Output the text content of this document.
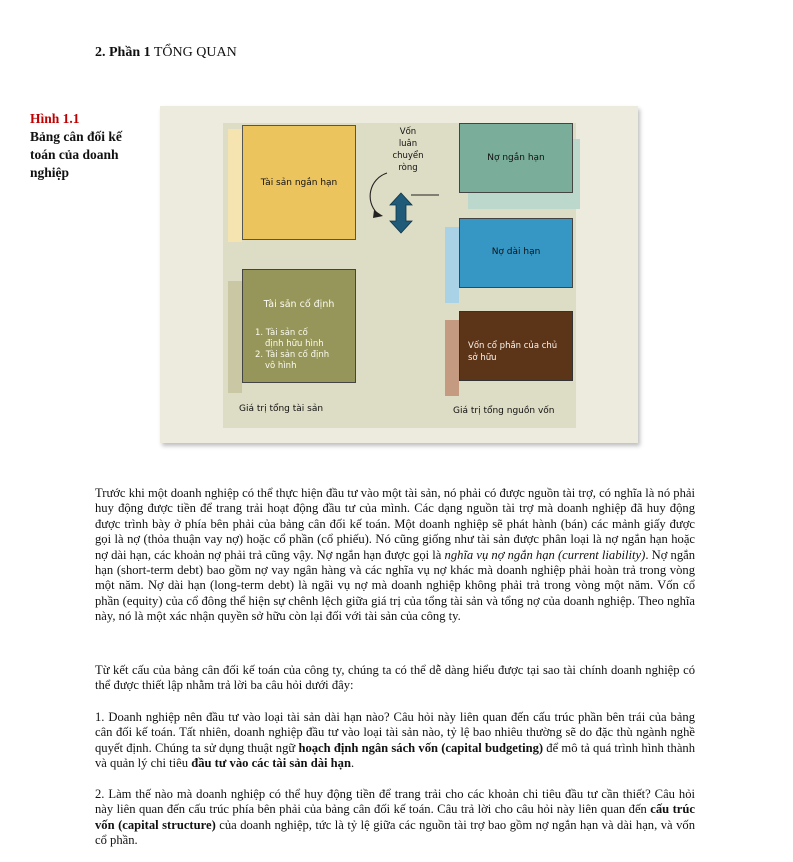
2. Phần 1 TỔNG QUAN
Hình 1.1
Bảng cân đối kế toán của doanh nghiệp
Tài sản ngắn hạn
Vốn
luân
chuyển
ròng
Nợ ngắn hạn
Nợ dài hạn
Tài sản cố định
1. Tài sản cố
định hữu hình
2. Tài sản cố định
vô hình
Vốn cổ phần của chủ
sở hữu
Giá trị tổng tài sản	Giá trị tổng nguồn vốn

Trước khi một doanh nghiệp có thể thực hiện đầu tư vào một tài sản, nó phải có được nguồn tài trợ, có nghĩa là nó phải huy động được tiền để trang trải hoạt động đầu tư của mình. Các dạng nguồn tài trợ mà doanh nghiệp đã huy động được trình bày ở phía bên phải của bảng cân đối kế toán. Một doanh nghiệp sẽ phát hành (bán) các mảnh giấy được gọi là nợ (thỏa thuận vay nợ) hoặc cổ phần (cổ phiếu). Nó cũng giống như tài sản được phân loại là nợ ngắn hạn hoặc nợ dài hạn, các khoản nợ phải trả cũng vậy. Nợ ngắn hạn được gọi là nghĩa vụ nợ ngắn hạn (current liability). Nợ ngắn hạn (short-term debt) bao gồm nợ vay ngân hàng và các nghĩa vụ nợ khác mà doanh nghiệp phải hoàn trả trong vòng một năm. Nợ dài hạn (long-term debt) là ngãi vụ nợ mà doanh nghiệp không phải trả trong vòng một năm. Vốn cổ phần (equity) của cổ đông thể hiện sự chênh lệch giữa giá trị của tổng tài sản và tổng nợ của doanh nghiệp. Theo nghĩa này, nó là một xác nhận quyền sở hữu còn lại đối với tài sản của công ty.

Từ kết cấu của bảng cân đối kế toán của công ty, chúng ta có thể dễ dàng hiểu được tại sao tài chính doanh nghiệp có thể được thiết lập nhằm trả lời ba câu hỏi dưới đây:

1. Doanh nghiệp nên đầu tư vào loại tài sản dài hạn nào? Câu hỏi này liên quan đến cấu trúc phần bên trái của bảng cân đối kế toán. Tất nhiên, doanh nghiệp đầu tư vào loại tài sản nào, tỷ lệ bao nhiêu thường sẽ do đặc thù ngành nghề quyết định. Chúng ta sử dụng thuật ngữ hoạch định ngân sách vốn (capital budgeting) để mô tả quá trình hình thành và quản lý chi tiêu đầu tư vào các tài sản dài hạn.

2. Làm thế nào mà doanh nghiệp có thể huy động tiền để trang trải cho các khoản chi tiêu đầu tư cần thiết? Câu hỏi này liên quan đến cấu trúc phía bên phải của bảng cân đối kế toán. Câu trả lời cho câu hỏi này liên quan đến cấu trúc vốn (capital structure) của doanh nghiệp, tức là tỷ lệ giữa các nguồn tài trợ bao gồm nợ ngắn hạn và dài hạn, và vốn cổ phần.
